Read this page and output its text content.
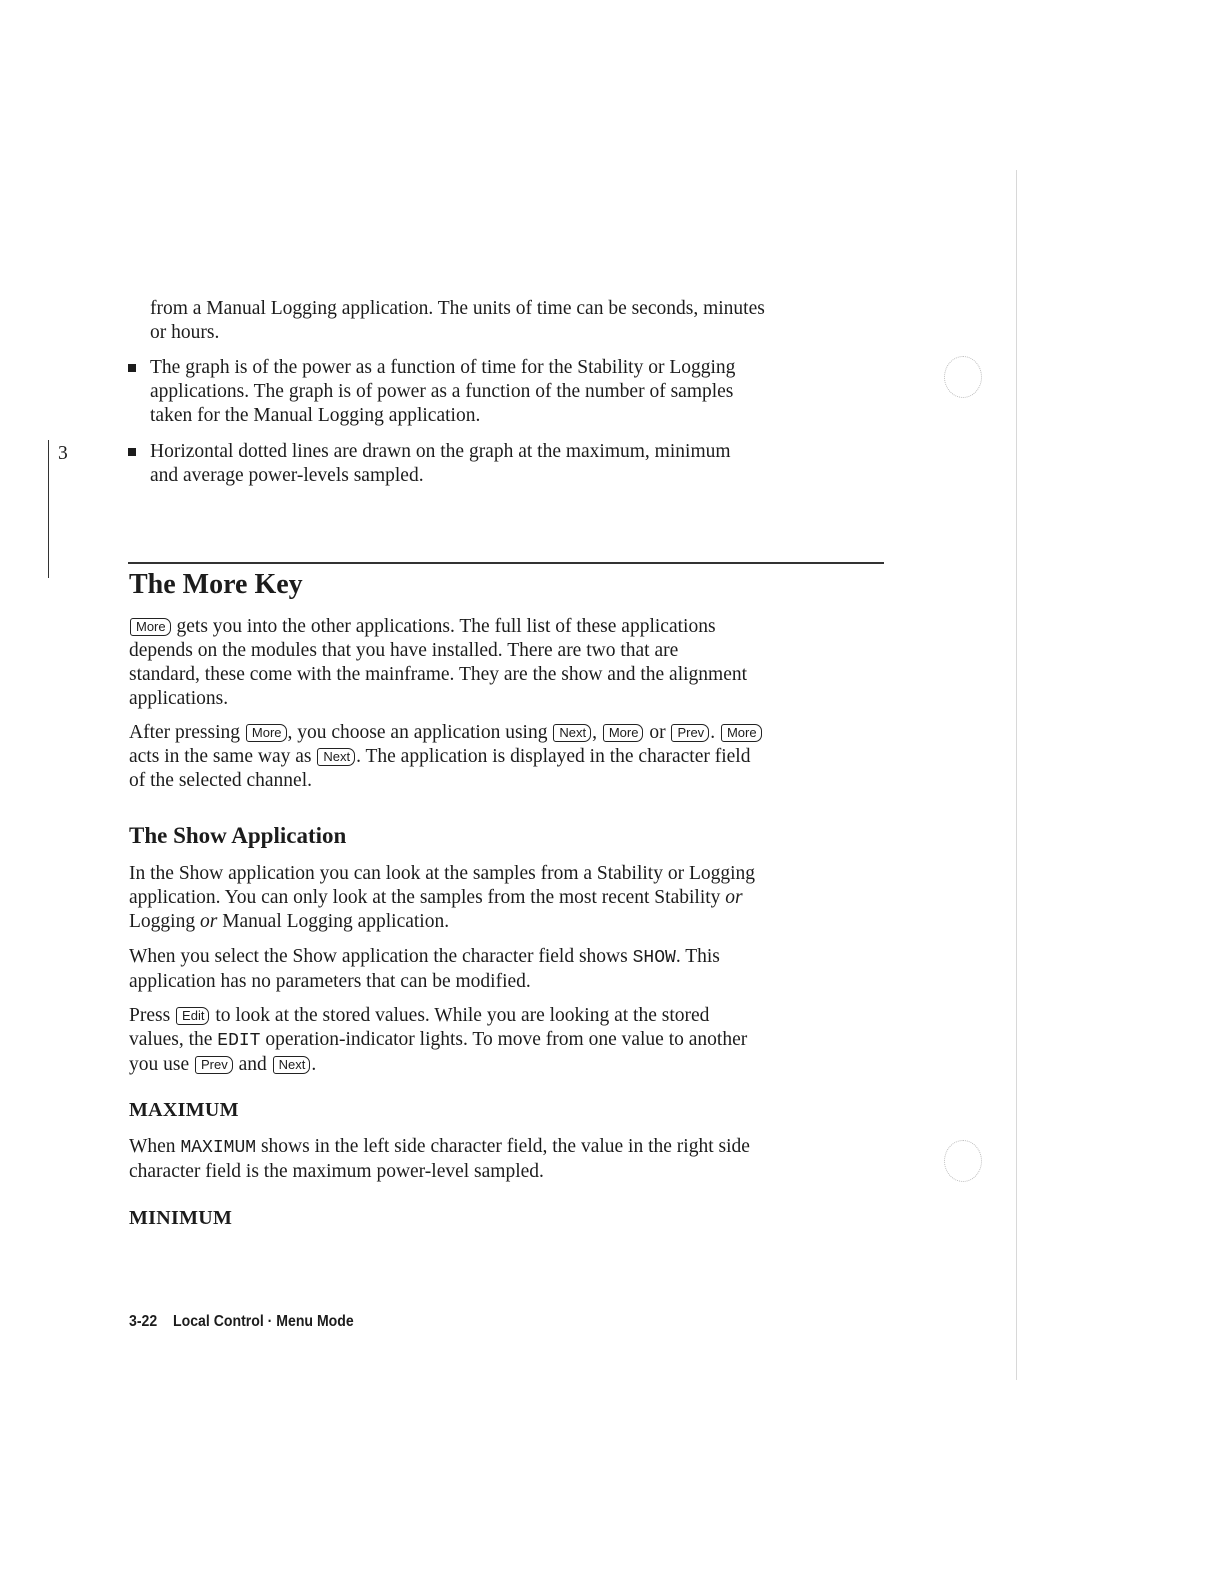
3

from a Manual Logging application. The units of time can be seconds, minutes

or hours.

The graph is of the power as a function of time for the Stability or Logging

applications. The graph is of power as a function of the number of samples

taken for the Manual Logging application.

Horizontal dotted lines are drawn on the graph at the maximum, minimum

and average power-levels sampled.

The More Key

More gets you into the other applications. The full list of these applications

depends on the modules that you have installed. There are two that are

standard, these come with the mainframe. They are the show and the alignment

applications.

After pressing More , you choose an application using Next , More or Prev . More

acts in the same way as Next . The application is displayed in the character field

of the selected channel.

The Show Application

In the Show application you can look at the samples from a Stability or Logging

application. You can only look at the samples from the most recent Stability or

Logging or Manual Logging application.

When you select the Show application the character field shows SHOW. This

application has no parameters that can be modified.

Press Edit to look at the stored values. While you are looking at the stored

values, the EDIT operation-indicator lights. To move from one value to another

you use Prev and Next .

MAXIMUM

When MAXIMUM shows in the left side character field, the value in the right side

character field is the maximum power-level sampled.

MINIMUM
3-22 Local Control · Menu Mode
